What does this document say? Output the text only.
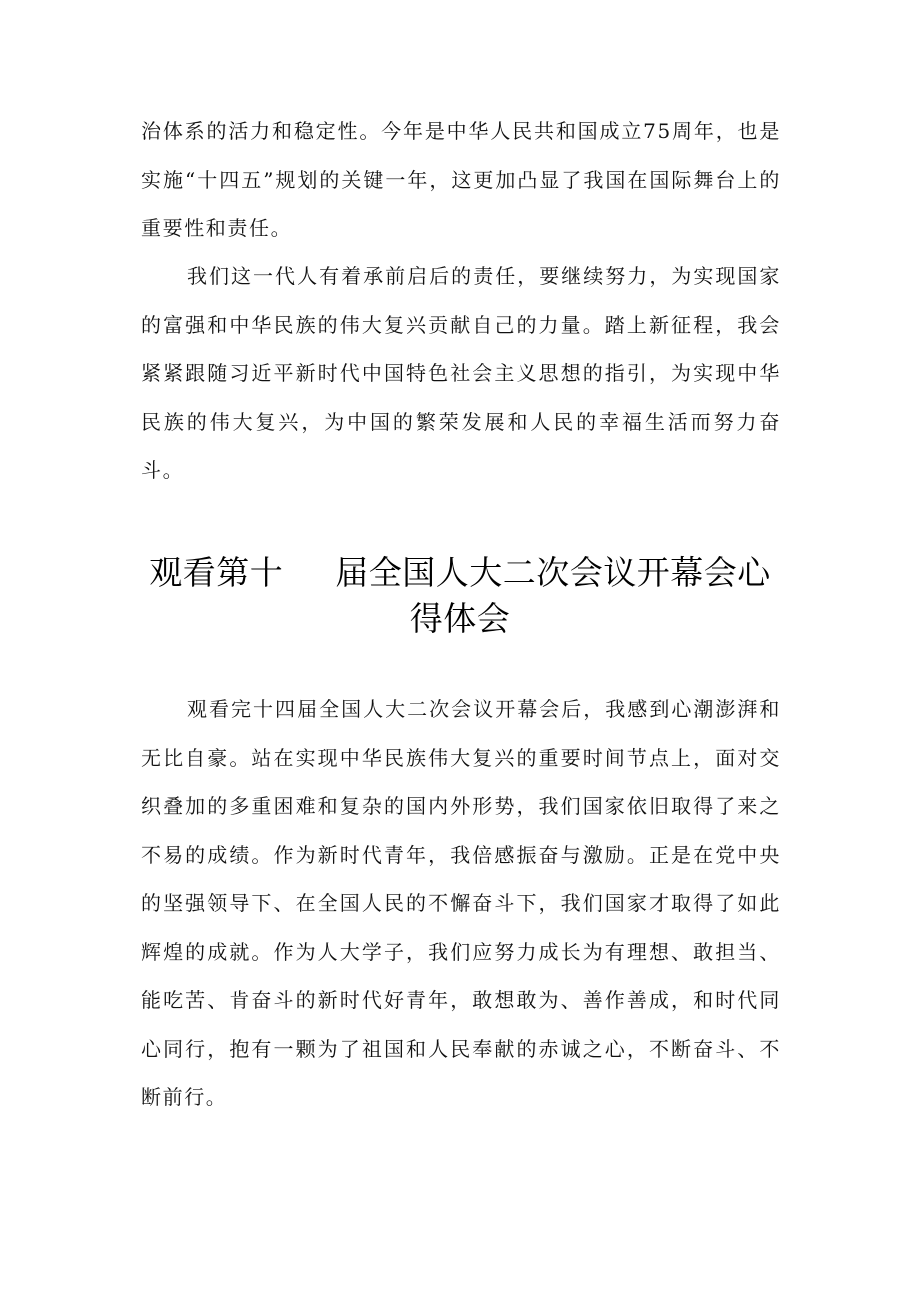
治体系的活力和稳定性。今年是中华人民共和国成立75周年，也是实施“十四五”规划的关键一年，这更加凸显了我国在国际舞台上的重要性和责任。

我们这一代人有着承前启后的责任，要继续努力，为实现国家的富强和中华民族的伟大复兴贡献自己的力量。踏上新征程，我会紧紧跟随习近平新时代中国特色社会主义思想的指引，为实现中华民族的伟大复兴，为中国的繁荣发展和人民的幸福生活而努力奋斗。

观看第十 届全国人大二次会议开幕会心
得体会

观看完十四届全国人大二次会议开幕会后，我感到心潮澎湃和无比自豪。站在实现中华民族伟大复兴的重要时间节点上，面对交织叠加的多重困难和复杂的国内外形势，我们国家依旧取得了来之不易的成绩。作为新时代青年，我倍感振奋与激励。正是在党中央的坚强领导下、在全国人民的不懈奋斗下，我们国家才取得了如此辉煌的成就。作为人大学子，我们应努力成长为有理想、敢担当、能吃苦、肯奋斗的新时代好青年，敢想敢为、善作善成，和时代同心同行，抱有一颗为了祖国和人民奉献的赤诚之心，不断奋斗、不断前行。
